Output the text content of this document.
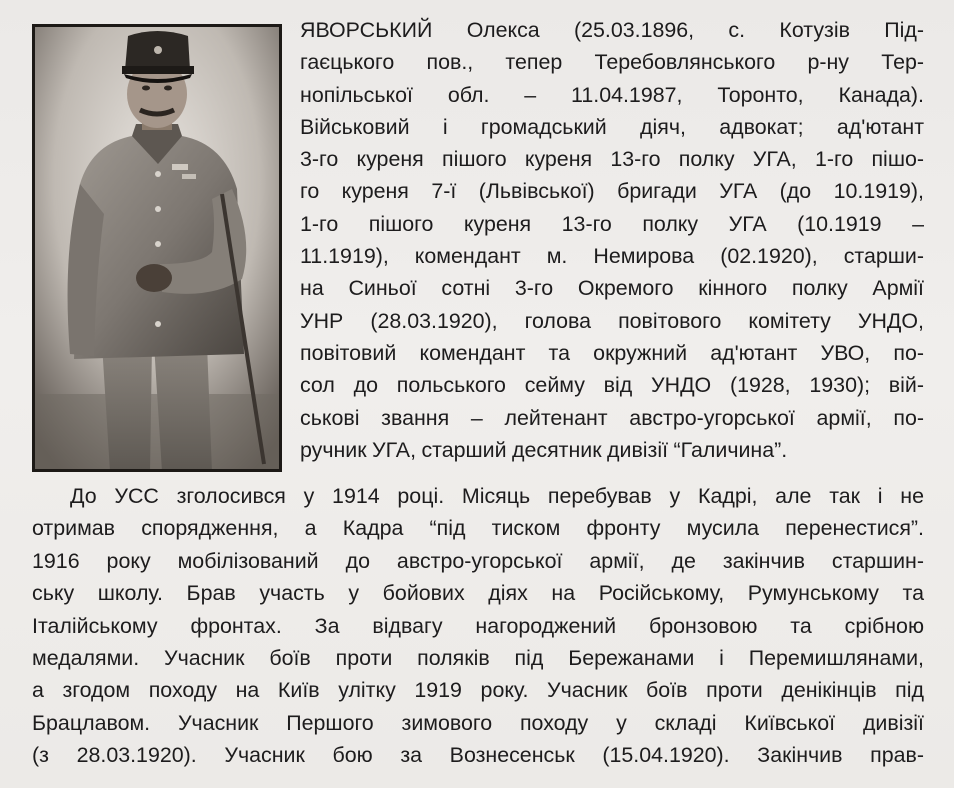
ЯВОРСЬКИЙ Олекса (25.03.1896, с. Котузів Під-
гаєцького пов., тепер Теребовлянського р-ну Тер-
нопільської обл. – 11.04.1987, Торонто, Канада).
Військовий і громадський діяч, адвокат; ад'ютант
3-го куреня пішого куреня 13-го полку УГА, 1-го пішо-
го куреня 7-ї (Львівської) бригади УГА (до 10.1919),
1-го пішого куреня 13-го полку УГА (10.1919 –
11.1919), комендант м. Немирова (02.1920), старши-
на Синьої сотні 3-го Окремого кінного полку Армії
УНР (28.03.1920), голова повітового комітету УНДО,
повітовий комендант та окружний ад'ютант УВО, по-
сол до польського сейму від УНДО (1928, 1930); вій-
ськові звання – лейтенант австро-угорської армії, по-
ручник УГА, старший десятник дивізії “Галичина”.

До УСС зголосився у 1914 році. Місяць перебував у Кадрі, але так і не
отримав спорядження, а Кадра “під тиском фронту мусила перенестися”.
1916 року мобілізований до австро-угорської армії, де закінчив старшин-
ську школу. Брав участь у бойових діях на Російському, Румунському та
Італійському фронтах. За відвагу нагороджений бронзовою та срібною
медалями. Учасник боїв проти поляків під Бережанами і Перемишлянами,
а згодом походу на Київ улітку 1919 року. Учасник боїв проти денікінців під
Брацлавом. Учасник Першого зимового походу у складі Київської дивізії
(з 28.03.1920). Учасник бою за Вознесенськ (15.04.1920). Закінчив прав-
